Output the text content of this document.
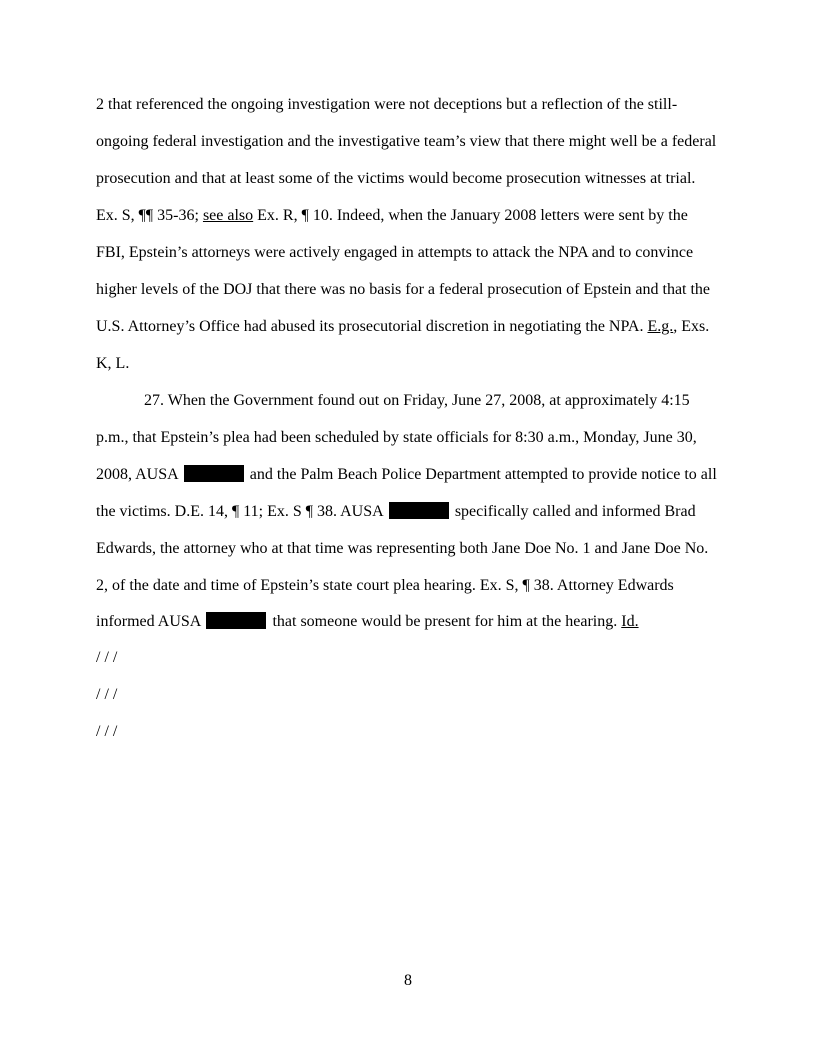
2 that referenced the ongoing investigation were not deceptions but a reflection of the still-
ongoing federal investigation and the investigative team’s view that there might well be a federal
prosecution and that at least some of the victims would become prosecution witnesses at trial.
Ex. S, ¶¶ 35-36; see also Ex. R, ¶ 10. Indeed, when the January 2008 letters were sent by the
FBI, Epstein’s attorneys were actively engaged in attempts to attack the NPA and to convince
higher levels of the DOJ that there was no basis for a federal prosecution of Epstein and that the
U.S. Attorney’s Office had abused its prosecutorial discretion in negotiating the NPA. E.g., Exs.
K, L.
27. When the Government found out on Friday, June 27, 2008, at approximately 4:15
p.m., that Epstein’s plea had been scheduled by state officials for 8:30 a.m., Monday, June 30,
2008, AUSA	and the Palm Beach Police Department attempted to provide notice to all
the victims. D.E. 14, ¶ 11; Ex. S ¶ 38. AUSA	specifically called and informed Brad
Edwards, the attorney who at that time was representing both Jane Doe No. 1 and Jane Doe No.
2, of the date and time of Epstein’s state court plea hearing. Ex. S, ¶ 38. Attorney Edwards
informed AUSA	that someone would be present for him at the hearing. Id.
/ / /
/ / /
/ / /
8
